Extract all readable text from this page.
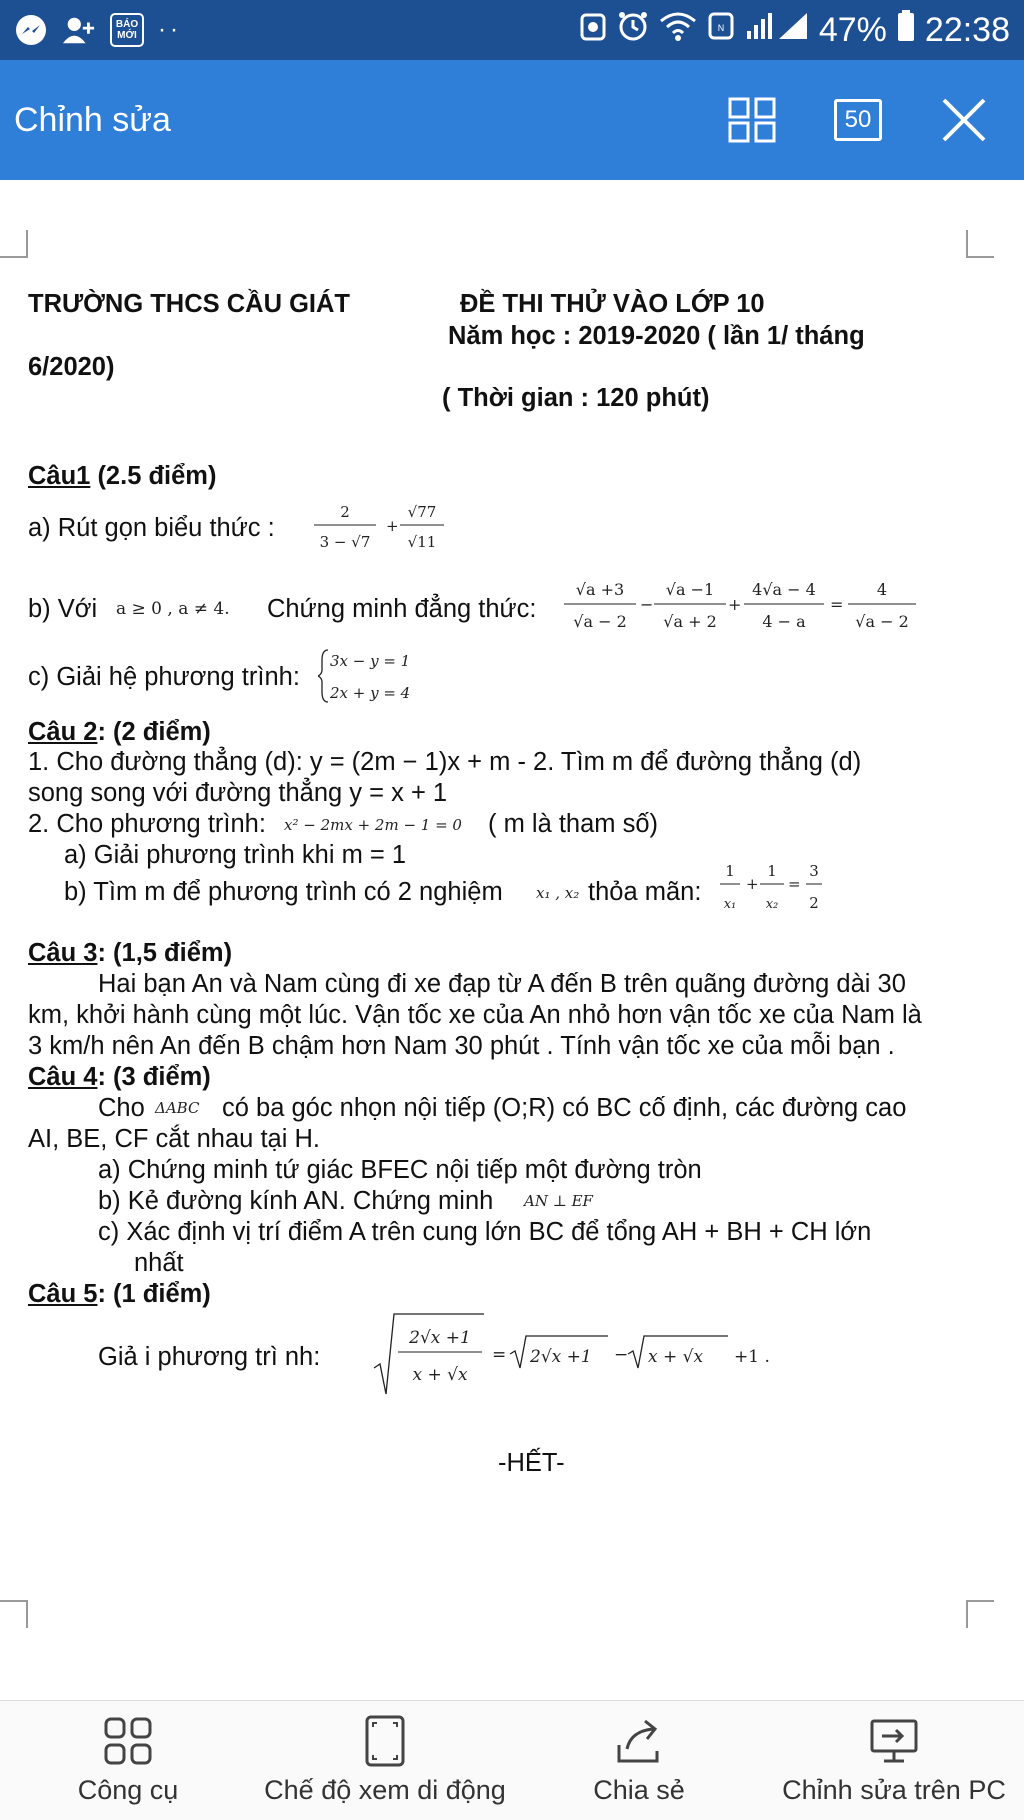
BÁO
MỚI ··	N	47% 22:38
Chỉnh sửa	50
TRƯỜNG THCS CẦU GIÁT	ĐỀ THI THỬ VÀO LỚP 10
Năm học : 2019-2020 ( lần 1/ tháng
6/2020)
( Thời gian : 120 phút)
Câu1 (2.5 điểm)
a) Rút gọn biểu thức :
2
3 − √7
+
√77
√11
b) Với a ≥ 0 , a ≠ 4. Chứng minh đẳng thức:
√a +3
√a − 2
−
√a −1
√a + 2
+
4√a − 4
4 − a
=
4
√a − 2
c) Giải hệ phương trình:
3x − y = 1
2x + y = 4
Câu 2: (2 điểm)
1. Cho đường thẳng (d): y = (2m − 1)x + m - 2. Tìm m để đường thẳng (d)
song song với đường thẳng y = x + 1
2. Cho phương trình: x² − 2mx + 2m − 1 = 0 ( m là tham số)
a) Giải phương trình khi m = 1
b) Tìm m để phương trình có 2 nghiệm x₁ , x₂ thỏa mãn:
1
x₁
+
1
x₂
=
3
2
Câu 3: (1,5 điểm)
Hai bạn An và Nam cùng đi xe đạp từ A đến B trên quãng đường dài 30
km, khởi hành cùng một lúc. Vận tốc xe của An nhỏ hơn vận tốc xe của Nam là
3 km/h nên An đến B chậm hơn Nam 30 phút . Tính vận tốc xe của mỗi bạn .
Câu 4: (3 điểm)
Cho ΔABC có ba góc nhọn nội tiếp (O;R) có BC cố định, các đường cao
AI, BE, CF cắt nhau tại H.
a) Chứng minh tứ giác BFEC nội tiếp một đường tròn
b) Kẻ đường kính AN. Chứng minh AN ⊥ EF
c) Xác định vị trí điểm A trên cung lớn BC để tổng AH + BH + CH lớn
nhất
Câu 5: (1 điểm)
Giả i phương trì nh:
2√x +1
x + √x
= 2√x +1 − x + √x +1 .
-HẾT-
Công cụ	Chế độ xem di động	Chia sẻ	Chỉnh sửa trên PC
